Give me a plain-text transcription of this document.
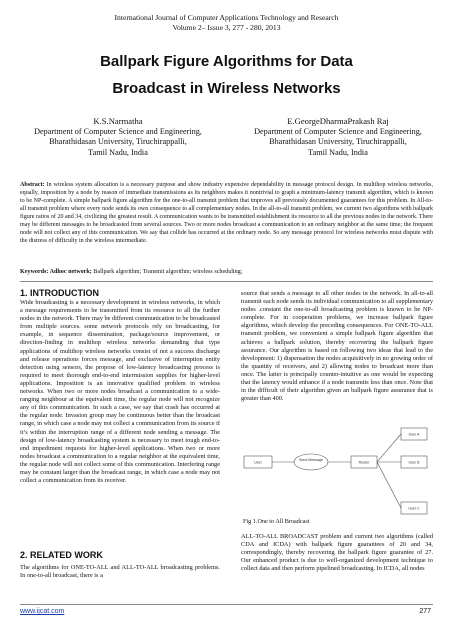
International Journal of Computer Applications Technology and Research
Volume 2– Issue 3, 277 - 280, 2013
Ballpark Figure Algorithms for Data
Broadcast in Wireless Networks
K.S.Narmatha
Department of Computer Science and Engineering,
Bharathidasan University, Tiruchirappalli,
Tamil Nadu, India
E.GeorgeDharmaPrakash Raj
Department of Computer Science and Engineering,
Bharathidasan University, Tiruchirappalli,
Tamil Nadu, India
Abstract: In wireless system allocation is a necessary purpose and show industry expensive dependability in message protocol design. In multihop wireless networks, equally, imposition by a node by reason of immediate transmissions as its neighbors makes it nontrivial to graph a minimum-latency transmit algorithm, which is known to be NP-complete. A simple ballpark figure algorithm for the one-to-all transmit problem that improves all previously documented guarantees for this problem. In All-to-all transmit problem where every node sends its own consequence to all complementary nodes. In the all-to-all transmit problem, we current two algorithms with ballpark figure ratios of 20 and 34, civilizing the greatest result. A communication wants to be transmitted establishment its resource to all the previous nodes in the network. There may be different messages to be broadcasted from several sources. Two or more nodes broadcast a communication to an ordinary neighbor at the same time; the frequent node will not collect any of this communication. We say that collide has occurred at the ordinary node. So any message protocol for wireless networks must dispute with the distress of difficulty in the wireless intermediate.
Keywords: Adhoc network; Ballpark algorithm; Transmit algorithm; wireless scheduling;
1. INTRODUCTION

Wide broadcasting is a necessary development in wireless networks, in which a message requirements to be transmitted from its resource to all the further nodes in the network. There may be different communication to be broadcasted from multiple sources. some network protocols rely on broadcasting, for example, in sequence dissemination, package/source improvement, or direction-finding in multihop wireless networks demanding that type applications of multihop wireless networks consist of not a success discharge and release operations forces message, and exclusive of interruption entity detection using sensors, the propose of low-latency broadcasting process is required to meet thorough end-to-end intermission supplies for higher-level applications. Imposition is an innovative qualified problem in wireless networks. When two or more nodes broadcast a communication to a wide-ranging neighbour at the equivalent time, the regular node will not recognize any of this communication. In such a case, we say that crash has occurred at the regular node. Invasion group may be continuous better than the broadcast range, in which case a node may not collect a communication from its source if it’s within the interruption range of a different node sending a message. The design of low-latency broadcasting system is necessary to meet tough end-to-end impediment requests for higher-level applications. When two or more nodes broadcast a communication to a regular neighbor at the equivalent time, the regular node will not collect some of this communication. Interfering range may be constant larger than the broadcast range, in which case a node may not collect a communication from its receiver.

2. RELATED WORK

The algorithms for ONE-TO-ALL and ALL-TO-ALL broadcasting problems. In one-to-all broadcast, there is a

source that sends a message to all other nodes in the network. In all-to-all transmit each node sends its individual communication to all supplementary nodes .constant the one-to-all broadcasting problem is known to be NP-complete. For in cooperation problems, we increase ballpark figure algorithms, which develop the preceding consequences. For ONE-TO-ALL transmit problem, we convenient a simple ballpark figure algorithm that achieves a ballpark solution, thereby recovering the ballpark figure assurance. Our algorithm is based on following two ideas that lead to the development: 1) dispensation the nodes acquisitively in no growing order of the quantity of receivers, and 2) allowing nodes to broadcast more than once. The latter is principally counter-intuitive as one would be expecting that the latency would enhance if a node transmits less than once. Note that in the difficult of their algorithm given an ballpark figure assurance that is greater than 400.

User
Send Message
Router
User A
User B
User C
Fig 1.One to All Broadcast

ALL-TO-ALL BROADCAST problem and current two algorithms (called CDA and ICDA) with ballpark figure guarantees of 20 and 34, correspondingly, thereby recovering the ballpark figure guarantee of 27. Our enhanced product is due to well-organized development technique to collect data and then perform pipelined broadcasting. In ICDA, all nodes

www.ijcat.com	277
